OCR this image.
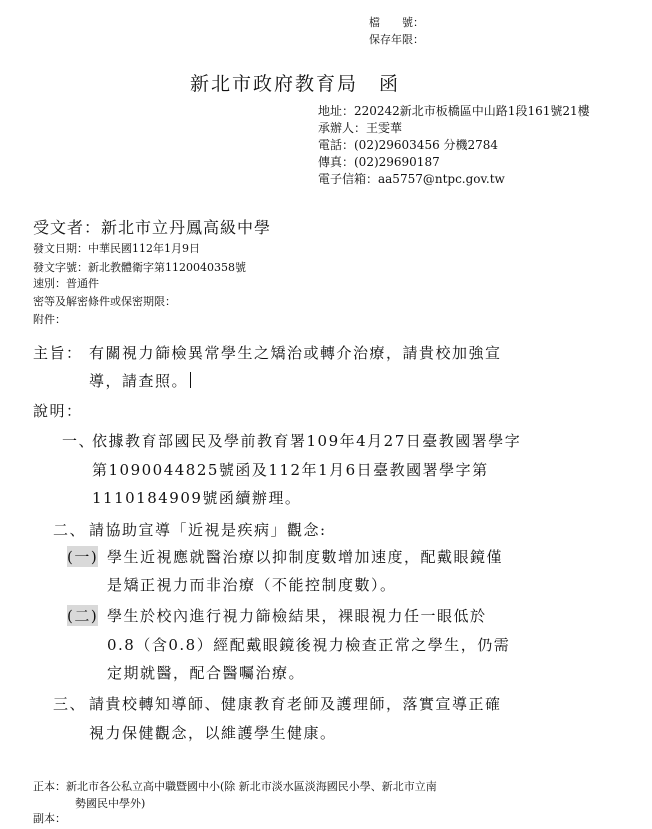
檔　　號：
保存年限：
新北市政府教育局　函
地址：220242新北市板橋區中山路1段161號21樓
承辦人：王雯華
電話：(02)29603456 分機2784
傳真：(02)29690187
電子信箱：aa5757@ntpc.gov.tw
受文者：新北市立丹鳳高級中學
發文日期：中華民國112年1月9日
發文字號：新北教體衛字第1120040358號
速別：普通件
密等及解密條件或保密期限：
附件：
主旨： 有關視力篩檢異常學生之矯治或轉介治療，請貴校加強宣
導，請查照。
說明：
一、
依據教育部國民及學前教育署109年4月27日臺教國署學字
第1090044825號函及112年1月6日臺教國署學字第
1110184909號函續辦理。
二、 請協助宣導「近視是疾病」觀念:
(一) 學生近視應就醫治療以抑制度數增加速度，配戴眼鏡僅
是矯正視力而非治療（不能控制度數）。
(二) 學生於校內進行視力篩檢結果，裸眼視力任一眼低於
0.8（含0.8）經配戴眼鏡後視力檢查正常之學生，仍需
定期就醫，配合醫囑治療。
三、 請貴校轉知導師、健康教育老師及護理師，落實宣導正確
視力保健觀念，以維護學生健康。
正本：新北市各公私立高中職暨國中小(除 新北市淡水區淡海國民小學、新北市立南
勢國民中學外)
副本：
